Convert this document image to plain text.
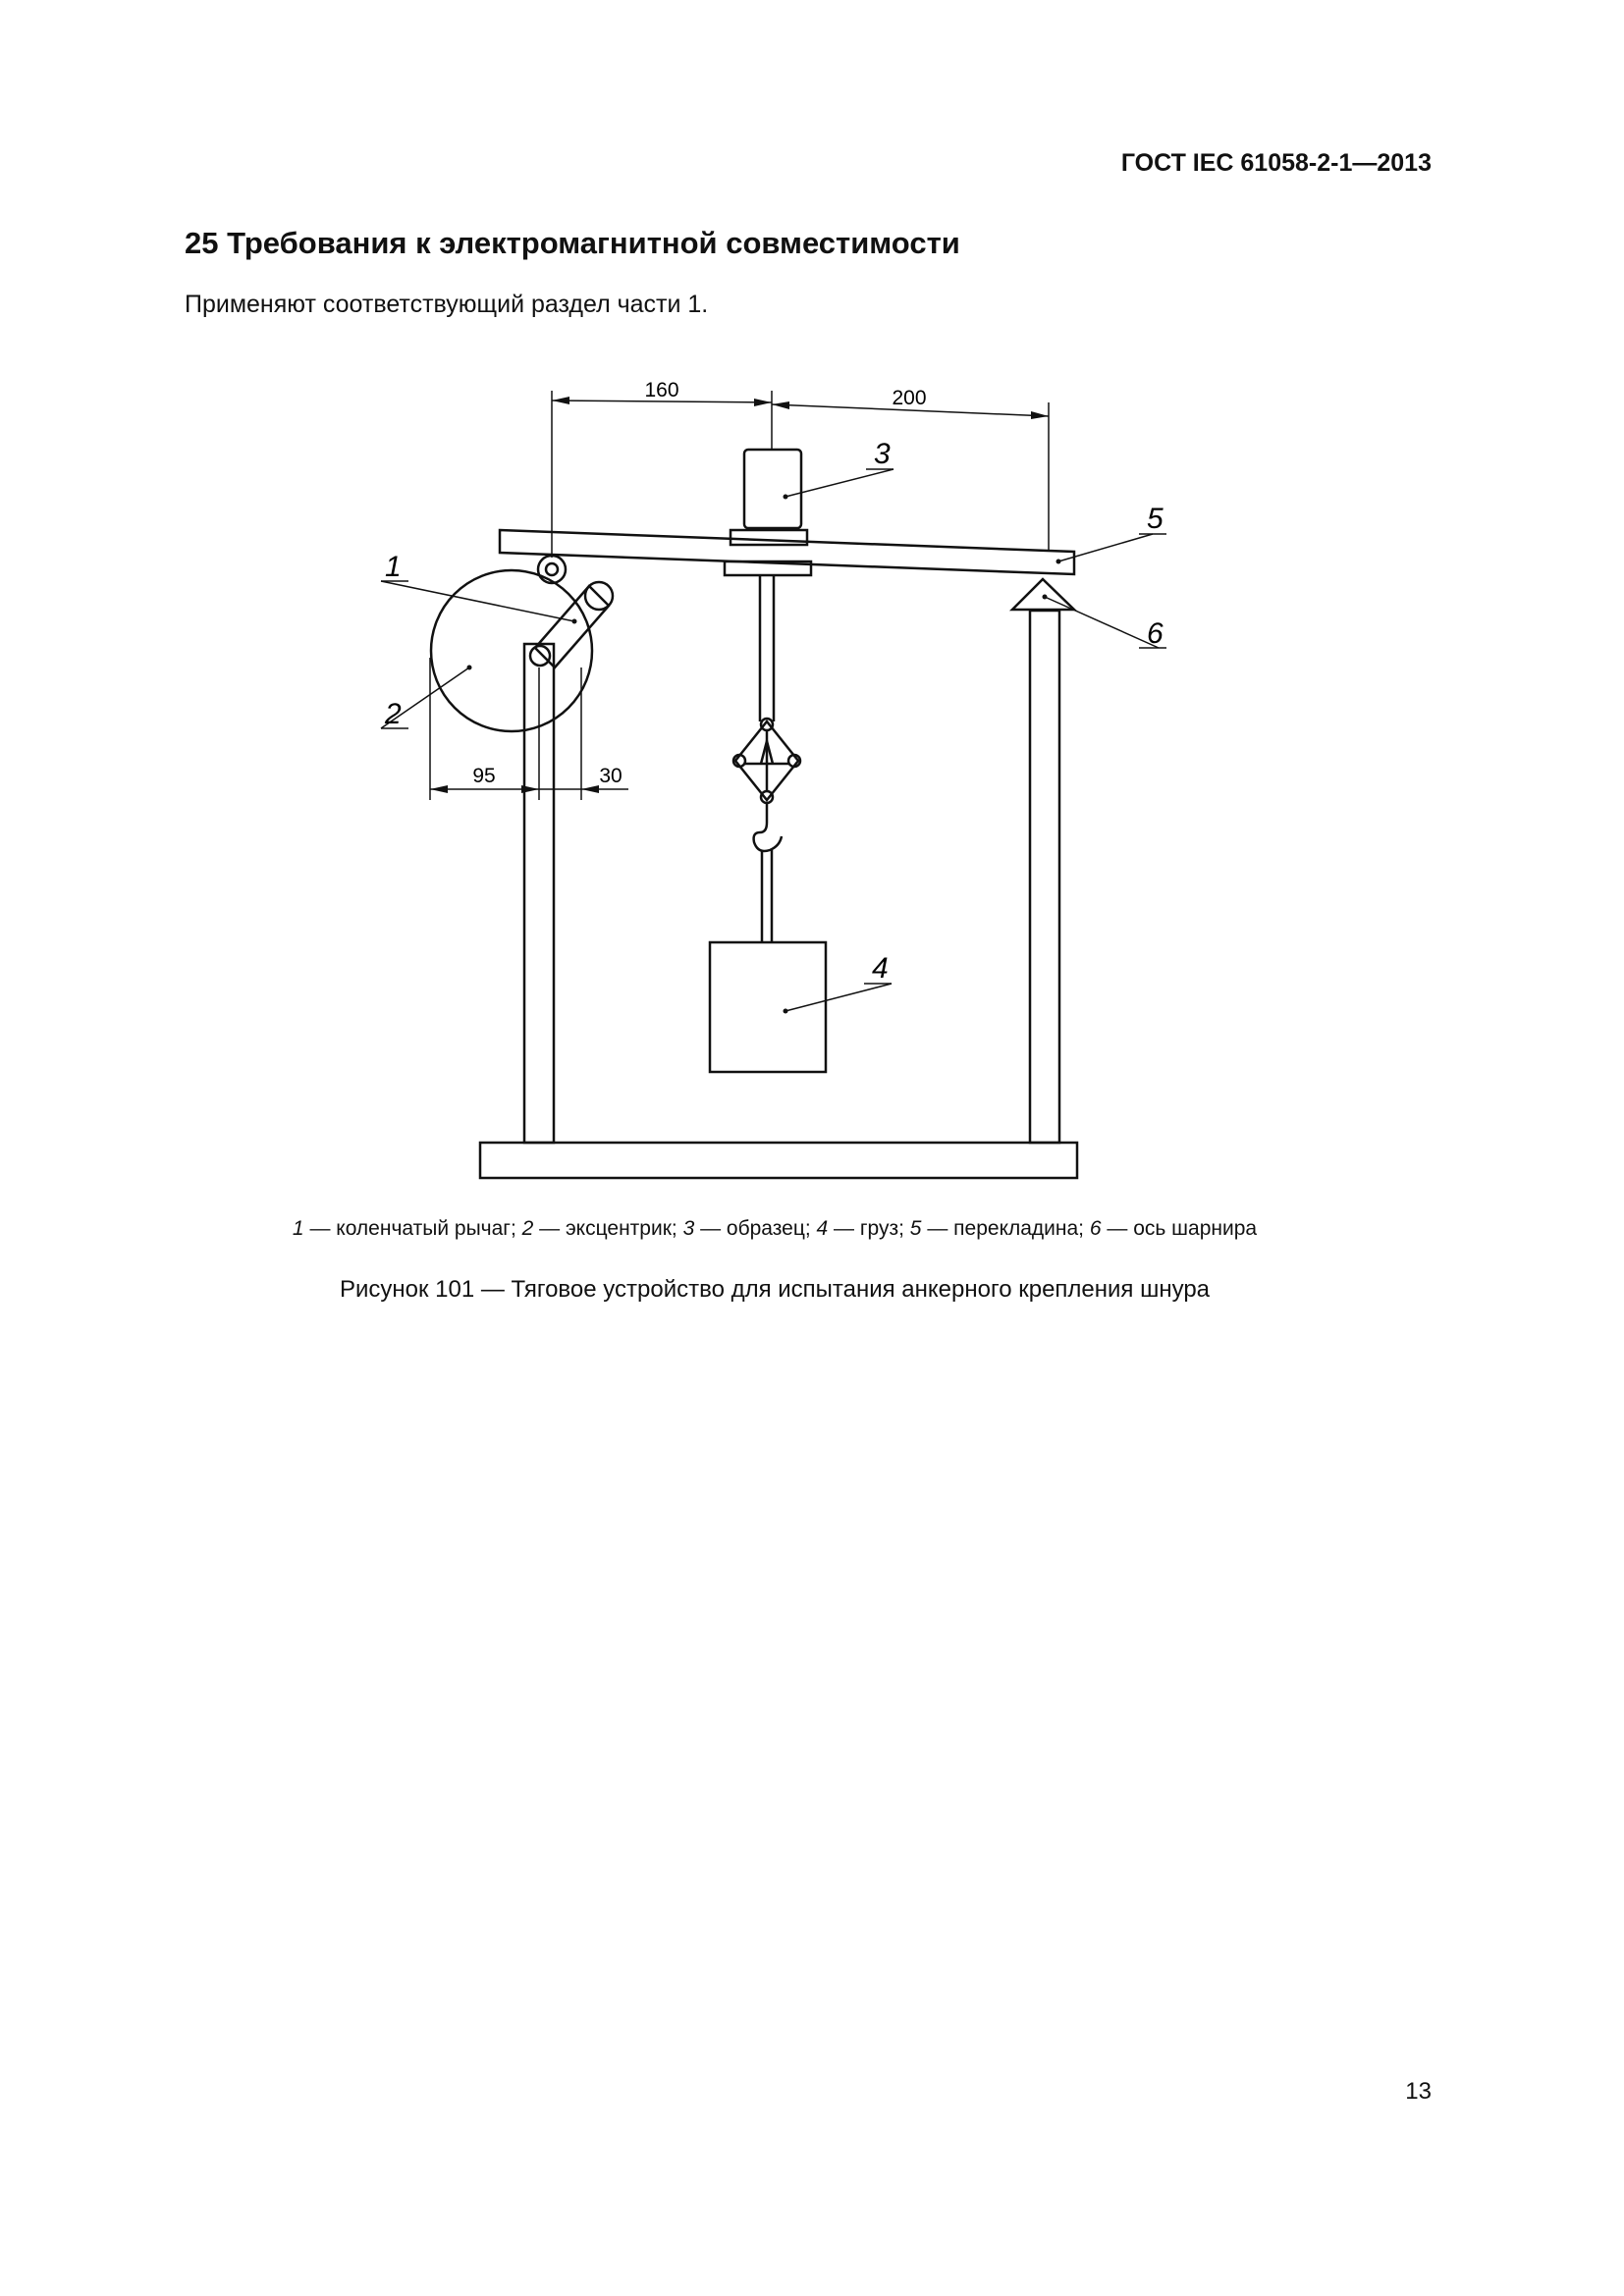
ГОСТ IEC 61058-2-1—2013
25 Требования к электромагнитной совместимости

Применяют соответствующий раздел части 1.

160	200
95	30
1
2
3
5
6
4
1 — коленчатый рычаг; 2 — эксцентрик; 3 — образец; 4 — груз; 5 — перекладина; 6 — ось шарнира
Рисунок 101 — Тяговое устройство для испытания анкерного крепления шнура
13
